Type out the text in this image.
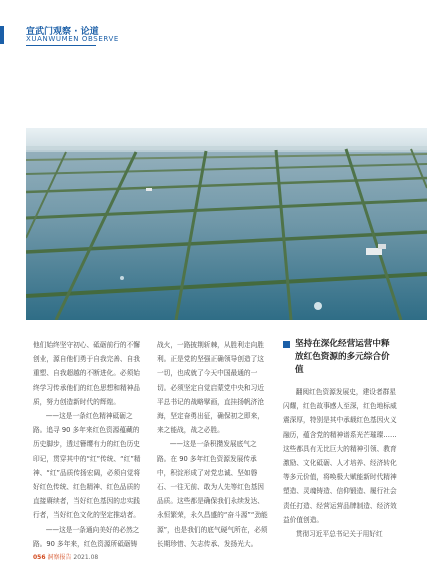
宣武门观察 · 论道
XUANWUMEN OBSERVE

他们始终坚守初心、砥砺前行的不懈创业，源自他们勇于自我完善、自我重塑、自我超越的不断进化。必须始终学习传承他们的红色思想和精神品质，努力创造新时代的辉煌。

——这是一条红色精神砥砺之路。追寻 90 多年来红色资源蕴藏的历史脚步，透过簪缨有力的红色历史印记，贯穿其中的“红”传统、“红”精神、“红”品质传扬宏阔，必须自觉将好红色传统、红色精神、红色品质的直接赓续者，当好红色基因的忠实践行者，当好红色文化的坚定推动者。

——这是一条通向美好的必然之路。90 多年来，红色资源所砥砺铸

战火，一路披荆斩棘，从胜利走向胜利。正是党的坚强正确领导创造了这一切，也成就了今天中国最通的一切。必须坚定自觉启蒙党中央和习近平总书记的战略擘画，直挂扬帆济沧海，坚定奋勇出征，确保初之即来，来之能战，战之必胜。

——这是一条积攒发展底气之路。在 90 多年红色资源发展传承中，积淀形成了对党忠诚、坚如磐石、一往无前、敢为人先等红色基因品质。这些都是确保我们永续发达、永恒繁荣，永久昌盛的“奋斗源”“劲能源”，也是我们的底气硬气所在，必须长期珍惜、矢志传承、发扬光大。

坚持在深化经营运营中释放红色资源的多元综合价值

翻阅红色资源发展史，建设者群星闪耀，红色故事感人至深，红色地标威震深厚，特别是其中承载红色基因火义融历，蕴含党的精神谱系光芒璀璨……这些都具有无比巨大的精神引领、教育激励、文化砥砺、人才培养、经济转化等多元价值，将唤极大赋能新时代精神塑造、灵魂铸造、信仰锻造、履行社会责任打造、经营运营品牌制造、经济效益价值创造。

贯彻习近平总书记关于用好红

056 洞察报告 2021.08
